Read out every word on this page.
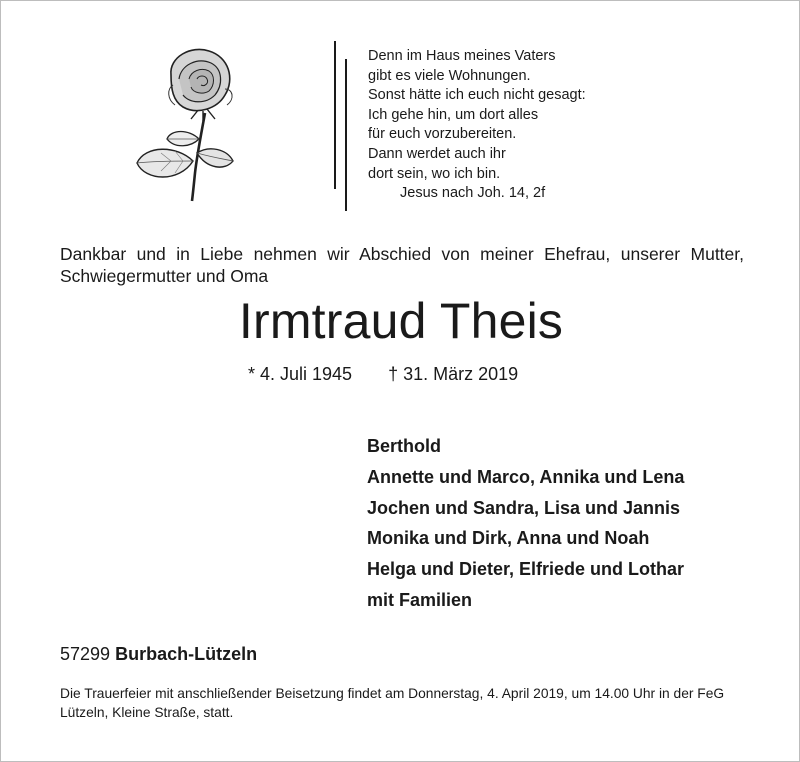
Denn im Haus meines Vaters
gibt es viele Wohnungen.
Sonst hätte ich euch nicht gesagt:
Ich gehe hin, um dort alles
für euch vorzubereiten.
Dann werdet auch ihr
dort sein, wo ich bin.
Jesus nach Joh. 14, 2f
Dankbar und in Liebe nehmen wir Abschied von meiner Ehefrau, unserer Mutter, Schwiegermutter und Oma
Irmtraud Theis
* 4. Juli 1945 † 31. März 2019
Berthold
Annette und Marco, Annika und Lena
Jochen und Sandra, Lisa und Jannis
Monika und Dirk, Anna und Noah
Helga und Dieter, Elfriede und Lothar
mit Familien
57299 Burbach-Lützeln
Die Trauerfeier mit anschließender Beisetzung findet am Donnerstag, 4. April 2019, um 14.00 Uhr in der FeG Lützeln, Kleine Straße, statt.
